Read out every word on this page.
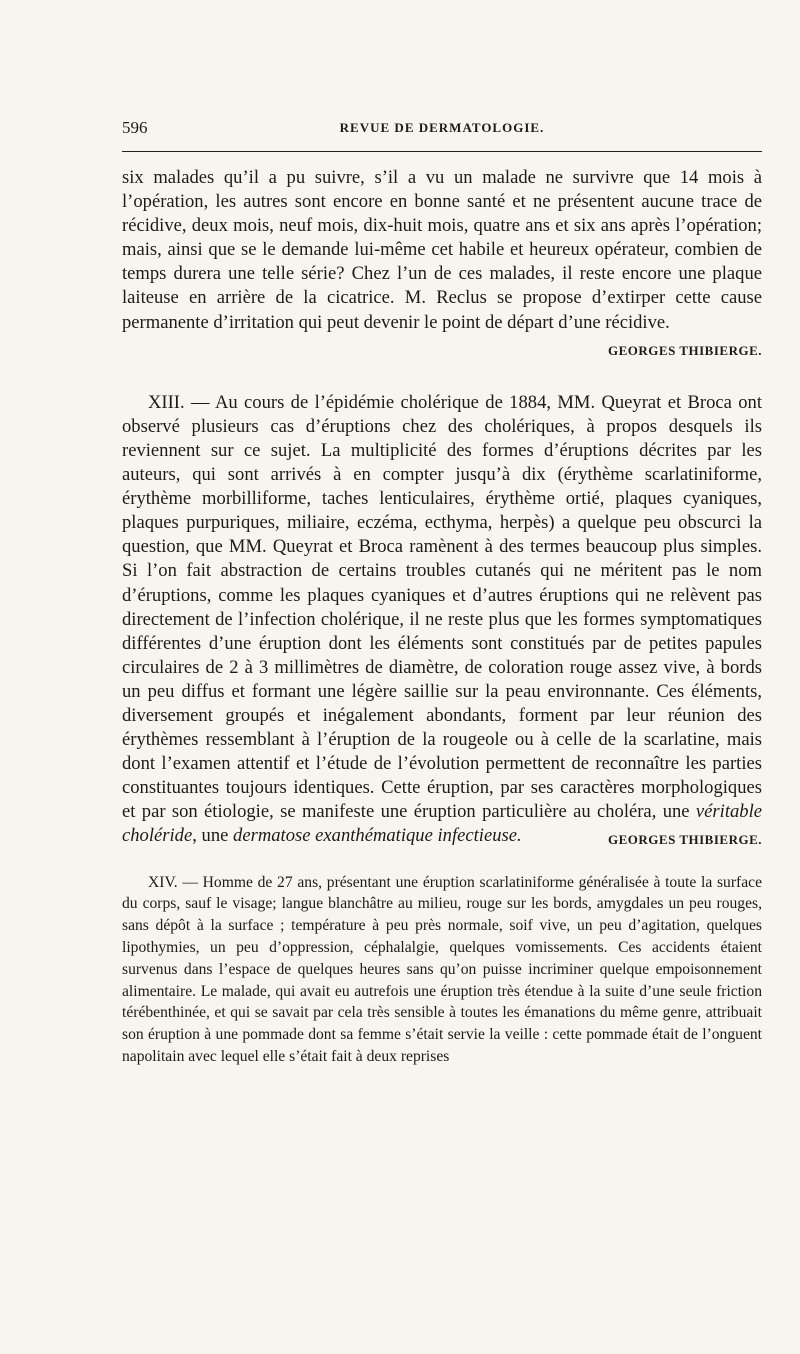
596	REVUE DE DERMATOLOGIE.

six malades qu’il a pu suivre, s’il a vu un malade ne survivre que 14 mois à l’opération, les autres sont encore en bonne santé et ne présentent aucune trace de récidive, deux mois, neuf mois, dix-huit mois, quatre ans et six ans après l’opération; mais, ainsi que se le demande lui-même cet habile et heureux opérateur, combien de temps durera une telle série? Chez l’un de ces malades, il reste encore une plaque laiteuse en arrière de la cicatrice. M. Reclus se propose d’extirper cette cause permanente d’irritation qui peut devenir le point de départ d’une récidive.
GEORGES THIBIERGE.

XIII. — Au cours de l’épidémie cholérique de 1884, MM. Queyrat et Broca ont observé plusieurs cas d’éruptions chez des cholériques, à propos desquels ils reviennent sur ce sujet. La multiplicité des formes d’éruptions décrites par les auteurs, qui sont arrivés à en compter jusqu’à dix (érythème scarlatiniforme, érythème morbilliforme, taches lenticulaires, érythème ortié, plaques cyaniques, plaques purpuriques, miliaire, eczéma, ecthyma, herpès) a quelque peu obscurci la question, que MM. Queyrat et Broca ramènent à des termes beaucoup plus simples. Si l’on fait abstraction de certains troubles cutanés qui ne méritent pas le nom d’éruptions, comme les plaques cyaniques et d’autres éruptions qui ne relèvent pas directement de l’infection cholérique, il ne reste plus que les formes symptomatiques différentes d’une éruption dont les éléments sont constitués par de petites papules circulaires de 2 à 3 millimètres de diamètre, de coloration rouge assez vive, à bords un peu diffus et formant une légère saillie sur la peau environnante. Ces éléments, diversement groupés et inégalement abondants, forment par leur réunion des érythèmes ressemblant à l’éruption de la rougeole ou à celle de la scarlatine, mais dont l’examen attentif et l’étude de l’évolution permettent de reconnaître les parties constituantes toujours identiques. Cette éruption, par ses caractères morphologiques et par son étiologie, se manifeste une éruption particulière au choléra, une véritable choléride, une dermatose exanthématique infectieuse.	GEORGES THIBIERGE.

XIV. — Homme de 27 ans, présentant une éruption scarlatiniforme généralisée à toute la surface du corps, sauf le visage; langue blanchâtre au milieu, rouge sur les bords, amygdales un peu rouges, sans dépôt à la surface ; température à peu près normale, soif vive, un peu d’agitation, quelques lipothymies, un peu d’oppression, céphalalgie, quelques vomissements. Ces accidents étaient survenus dans l’espace de quelques heures sans qu’on puisse incriminer quelque empoisonnement alimentaire. Le malade, qui avait eu autrefois une éruption très étendue à la suite d’une seule friction térébenthinée, et qui se savait par cela très sensible à toutes les émanations du même genre, attribuait son éruption à une pommade dont sa femme s’était servie la veille : cette pommade était de l’onguent napolitain avec lequel elle s’était fait à deux reprises
